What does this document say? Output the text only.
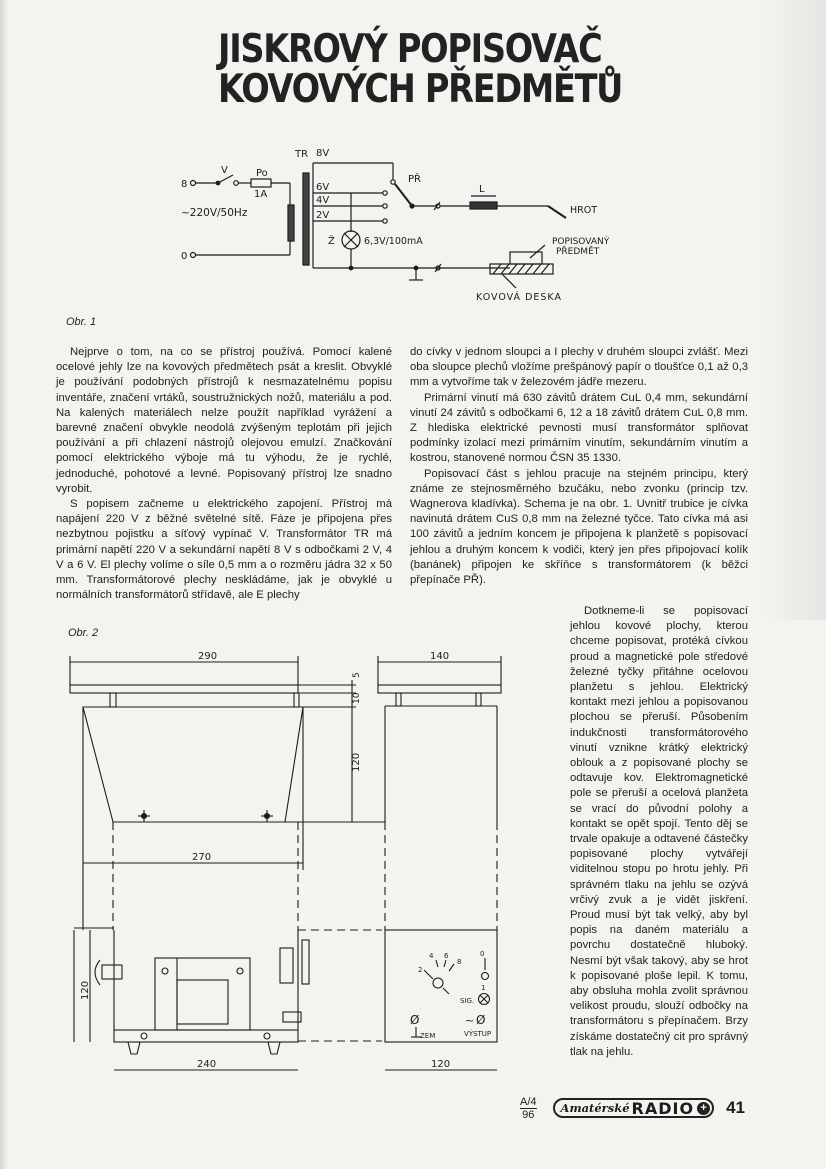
JISKROVÝ POPISOVAČ
KOVOVÝCH PŘEDMĚTŮ
TR 8V
6V
4V
2V
V	Po
1A
~220V/50Hz
8
0
PŘ
L
HROT
Ž	6,3V/100mA	POPISOVANÝ
PŘEDMĚT
KOVOVÁ DESKA
Obr. 1

Nejprve o tom, na co se přístroj používá. Pomocí kalené ocelové jehly lze na kovových předmětech psát a kreslit. Obvyklé je používání podobných přístrojů k nesmazatelnému popisu inventáře, značení vrtáků, soustružnických nožů, materiálu a pod. Na kalených materiálech nelze použít například vyrážení a barevné značení obvykle neodolá zvýšeným teplotám při jejich používání a při chlazení nástrojů olejovou emulzí. Značkování pomocí elektrického výboje má tu výhodu, že je rychlé, jednoduché, pohotové a levné. Popisovaný přístroj lze snadno vyrobit.

S popisem začneme u elektrického zapojení. Přístroj má napájení 220 V z běžné světelné sítě. Fáze je připojena přes nezbytnou pojistku a síťový vypínač V. Transformátor TR má primární napětí 220 V a sekundární napětí 8 V s odbočkami 2 V, 4 V a 6 V. El plechy volíme o síle 0,5 mm a o rozměru jádra 32 x 50 mm. Transformátorové plechy neskládáme, jak je obvyklé u normálních transformátorů střídavě, ale E plechy

do cívky v jednom sloupci a I plechy v druhém sloupci zvlášť. Mezi oba sloupce plechů vložíme prešpánový papír o tloušťce 0,1 až 0,3 mm a vytvoříme tak v železovém jádře mezeru.

Primární vinutí má 630 závitů drátem CuL 0,4 mm, sekundární vinutí 24 závitů s odbočkami 6, 12 a 18 závitů drátem CuL 0,8 mm. Z hlediska elektrické pevnosti musí transformátor splňovat podmínky izolací mezi primárním vinutím, sekundárním vinutím a kostrou, stanovené normou ČSN 35 1330.

Popisovací část s jehlou pracuje na stejném principu, který známe ze stejnosměrného bzučáku, nebo zvonku (princip tzv. Wagnerova kladívka). Schema je na obr. 1. Uvnitř trubice je cívka navinutá drátem CuS 0,8 mm na železné tyčce. Tato cívka má asi 100 závitů a jedním koncem je připojena k planžetě s popisovací jehlou a druhým koncem k vodiči, který jen přes připojovací kolík (banánek) připojen ke skříňce s transformátorem (k běžci přepínače PŘ).

Dotkneme-li se popisovací jehlou kovové plochy, kterou chceme popisovat, protéká cívkou proud a magnetické pole středové železné tyčky přitáhne ocelovou planžetu s jehlou. Elektrický kontakt mezi jehlou a popisovanou plochou se přeruší. Působením indukčnosti transformátorového vinutí vznikne krátký elektrický oblouk a z popisované plochy se odtavuje kov. Elektromagnetické pole se přeruší a ocelová planžeta se vrací do původní polohy a kontakt se opět spojí. Tento děj se trvale opakuje a odtavené částečky popisované plochy vytvářejí viditelnou stopu po hrotu jehly. Při správném tlaku na jehlu se ozývá vrčivý zvuk a je vidět jiskření. Proud musí být tak velký, aby byl popis na daném materiálu a povrchu dostatečně hluboký. Nesmí být však takový, aby se hrot k popisované ploše lepil. K tomu, aby obsluha mohla zvolit správnou velikost proudu, slouží odbočky na transformátoru s přepínačem. Brzy získáme dostatečný cit pro správný tlak na jehlu.

Obr. 2
290	140
5
10
120
270
120
240	120
2
4 6
8
0
1
SIG.
Ø
ZEM
~ Ø
VÝSTUP
A/4
96 Amatérské RADIO + 41
